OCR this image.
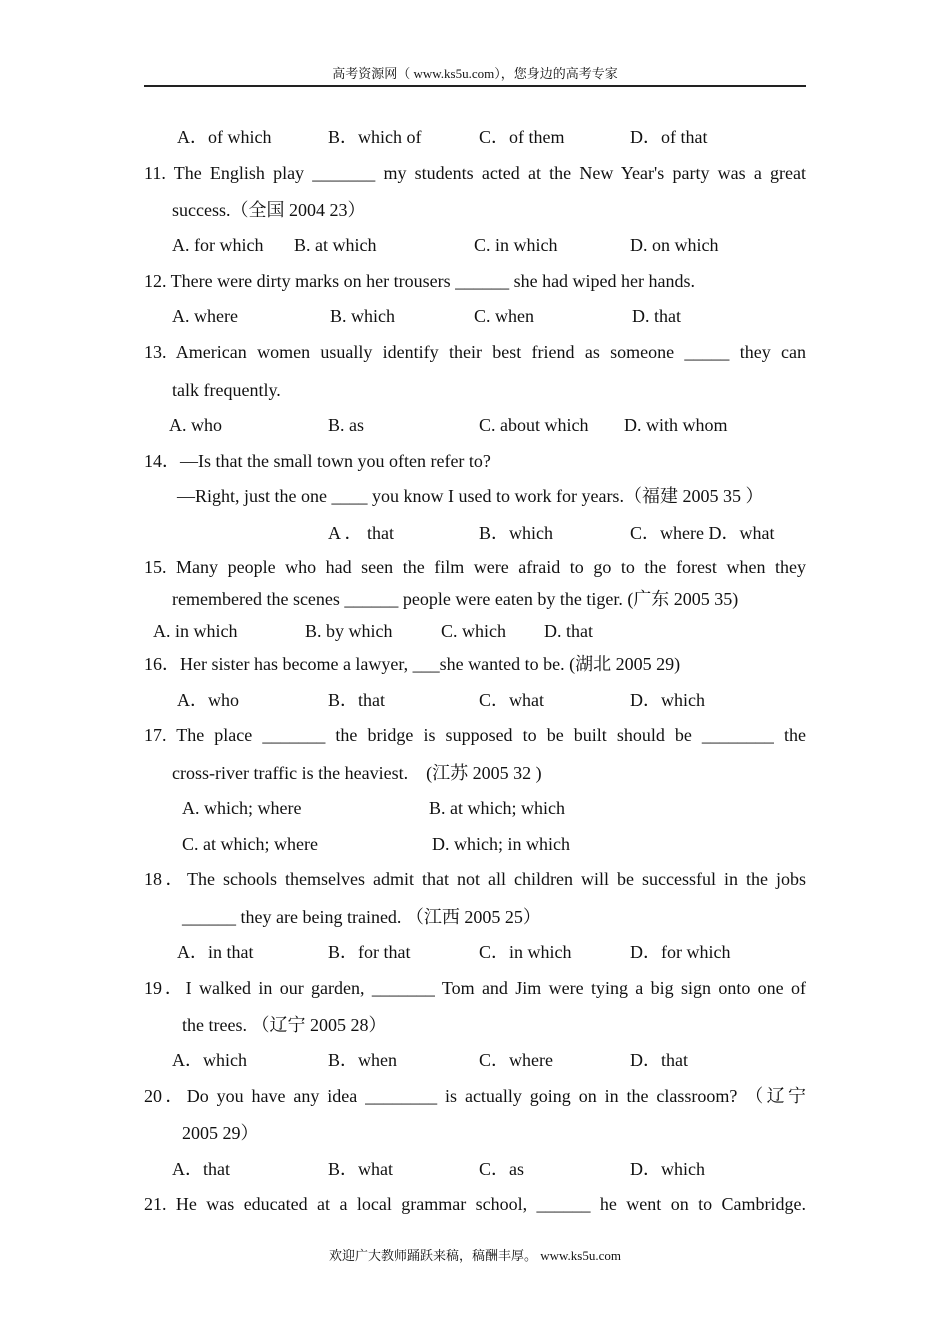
高考资源网（ www.ks5u.com），您身边的高考专家
A．of which	B．which of	C．of them	D．of that
11. The English play _______ my students acted at the New Year's party was a great
success.（全国 2004 23）
A. for which B. at which	C. in which	D. on which
12. There were dirty marks on her trousers ______ she had wiped her hands.
A. where	B. which	C. when	D. that
13. American women usually identify their best friend as someone _____ they can
talk frequently.
A. who	B. as	C. about which D. with whom
14．—Is that the small town you often refer to?
—Right, just the one ____ you know I used to work for years.（福建 2005 35 ）
A ． that	B．which	C．where D．what
15. Many people who had seen the film were afraid to go to the forest when they
remembered the scenes ______ people were eaten by the tiger. (广东 2005 35)
A. in which	B. by which	C. which D. that
16．Her sister has become a lawyer, ___she wanted to be. (湖北 2005 29)
A．who	B．that	C．what	D．which
17. The place _______ the bridge is supposed to be built should be ________ the
cross-river traffic is the heaviest.　(江苏 2005 32 )
A. which; where	B. at which; which
C. at which; where	D. which; in which
18．The schools themselves admit that not all children will be successful in the jobs
______ they are being trained. （江西 2005 25）
A．in that	B．for that	C．in which	D．for which
19．I walked in our garden, _______ Tom and Jim were tying a big sign onto one of
the trees. （辽宁 2005 28）
A．which	B．when	C．where	D．that
20．Do you have any idea ________ is actually going on in the classroom? （辽宁
2005 29）
A．that	B．what	C．as	D．which
21. He was educated at a local grammar school, ______ he went on to Cambridge.
欢迎广大教师踊跃来稿，稿酬丰厚。 www.ks5u.com
